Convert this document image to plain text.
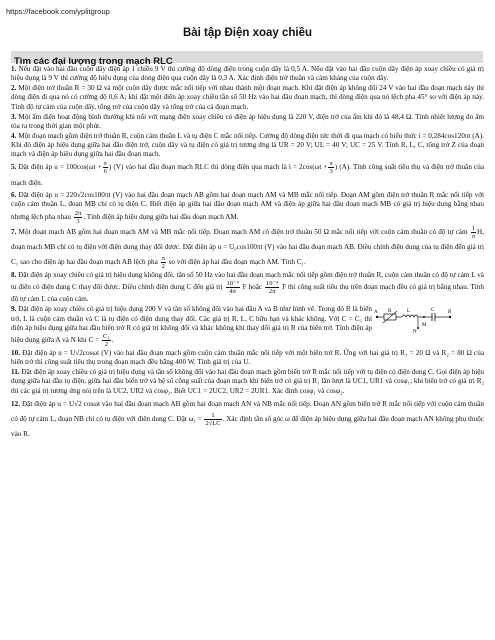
https://facebook.com/yplitgroup
Bài tập Điện xoay chiều
Tìm các đại lượng trong mạch RLC
1. Nếu đặt vào hai đầu cuộn dây điện áp 1 chiều 9 V thì cường độ dòng điện trong cuộn dây là 0,5 A. Nếu đặt vào hai đầu cuộn dây điện áp xoay chiều có giá trị hiệu dụng là 9 V thì cường độ hiệu dụng của dòng điện qua cuộn dây là 0,3 A. Xác định điện trở thuần và cảm kháng của cuộn dây.
2. Một điện trở thuần R = 30 Ω và một cuộn dây được mắc nối tiếp với nhau thành một đoạn mạch. Khi đặt điện áp không đổi 24 V vào hai đầu đoạn mạch này thì dòng điện đi qua nó có cường độ 0,6 A; khi đặt một điện áp xoay chiều tần số 50 Hz vào hai đầu đoạn mạch, thì dòng điện qua nó lệch pha 45° so với điện áp này. Tính độ tự cảm của cuộn dây, tổng trở của cuộn dây và tổng trở của cả đoạn mạch.
3. Một ấm điện hoạt động bình thường khi nối với mạng điện xoay chiều có điện áp hiệu dụng là 220 V, điện trở của ấm khi đó là 48,4 Ω. Tính nhiệt lượng do ấm tỏa ra trong thời gian một phút.
4. Một đoạn mạch gồm điện trở thuần R, cuộn cảm thuần L và tụ điện C mắc nối tiếp. Cường độ dòng điện tức thời đi qua mạch có biểu thức i = 0,284cos120πt (A). Khi đó điện áp hiệu dụng giữa hai đầu điện trở, cuộn dây và tụ điện có giá trị tương ứng là UR = 20 V; UL = 40 V; UC = 25 V. Tính R, L, C, tổng trở Z của đoạn mạch và điện áp hiệu dụng giữa hai đầu đoạn mạch.
5. Đặt điện áp $u = 100\cos(\omega t + \frac{\pi}{6}$ ) (V) vào hai đầu đoạn mạch RLC thì dòng điện qua mạch là $i = 2\cos(\omega t + \frac{\pi}{3}$ ) (A). Tính công suất tiêu thụ và điện trở thuần của mạch điện.
6. Đặt điện áp u = 220√2cos100πt (V) vào hai đầu đoạn mạch AB gồm hai đoạn mạch AM và MB mắc nối tiếp. Đoạn AM gồm điện trở thuần R mắc nối tiếp với cuộn cảm thuần L, đoạn MB chỉ có tụ điện C. Biết điện áp giữa hai đầu đoạn mạch AM và điện áp giữa hai đầu đoạn mạch MB có giá trị hiệu dụng bằng nhau nhưng lệch pha nhau $\frac{2\pi}{3}$ . Tính điện áp hiệu dụng giữa hai đầu đoạn mạch AM.
7. Một đoạn mạch AB gồm hai đoạn mạch AM và MB mắc nối tiếp. Đoạn mạch AM có điện trở thuần 50 Ω mắc nối tiếp với cuộn cảm thuần có độ tự cảm $\frac{1}{\pi} H$, đoạn mạch MB chỉ có tụ điện với điện dung thay đổi được. Đặt điện áp u = U₀cos100πt (V) vào hai đầu đoạn mạch AB. Điều chỉnh điện dung của tụ điện đến giá trị C₁ sao cho điện áp hai đầu đoạn mạch AB lệch pha $\frac{\pi}{2}$ so với điện áp hai đầu đoạn mạch AM. Tính C₁.
8. Đặt điện áp xoay chiều có giá trị hiệu dụng không đổi, tần số 50 Hz vào hai đầu đoạn mạch mắc nối tiếp gồm điện trở thuần R, cuộn cảm thuần có độ tự cảm L và tụ điện có điện dung C thay đổi được. Điều chỉnh điện dung C đến giá trị $\frac{\text{10⁻⁴}}{4\pi}$ F hoặc $\frac{\text{10⁻⁴}}{2\pi}$ F thì công suất tiêu thụ trên đoạn mạch đều có giá trị bằng nhau. Tính độ tự cảm L của cuộn cảm.
9. Đặt điện áp xoay chiều có giá trị hiệu dụng 200 V và tần số không đổi vào hai đầu A và B như hình vẽ. Trong đó R là biến trở, L là cuộn cảm thuần và C là tụ điện có điện dung thay đổi. Các giá trị R, L, C hữu hạn và khác không. Với C = C₁ thì điện áp hiệu dụng giữa hai đầu biến trở R có giá trị không đổi và khác không khi thay đổi giá trị R của biến trở. Tính điện áp hiệu dụng giữa A và N khi $C = \frac{\text{C₁}}{2}$ .
A R	L
M
C	B
N
10. Đặt điện áp u = U√2cosωt (V) vào hai đầu đoạn mạch gồm cuộn cảm thuần mắc nối tiếp với một biến trở R. Ứng với hai giá trị R₁ = 20 Ω và R₂ = 80 Ω của biến trở thì công suất tiêu thụ trong đoạn mạch đều bằng 400 W. Tính giá trị của U.
11. Đặt điện áp xoay chiều có giá trị hiệu dụng và tần số không đổi vào hai đầu đoạn mạch gồm biến trở R mắc nối tiếp với tụ điện có điện dung C. Gọi điện áp hiệu dụng giữa hai đầu tụ điện, giữa hai đầu biến trở và hệ số công suất của đoạn mạch khi biến trở có giá trị R₁ lần lượt là UC1, UR1 và cosφ₁; khi biến trở có giá trị R₂ thì các giá trị tương ứng nói trên là UC2, UR2 và cosφ₂. Biết UC1 = 2UC2, UR2 = 2UR1. Xác định cosφ₁ và cosφ₂.
12. Đặt điện áp u = U√2 cosωt vào hai đầu đoạn mạch AB gồm hai đoạn mạch AN và NB mắc nối tiếp. Đoạn AN gồm biến trở R mắc nối tiếp với cuộn cảm thuần có độ tự cảm L, đoạn NB chỉ có tụ điện với điện dung C. Đặt $\omega_1 = \frac{1}{2√LC}$ . Xác định tần số góc ω để điện áp hiệu dụng giữa hai đầu đoạn mạch AN không phụ thuộc vào R.
